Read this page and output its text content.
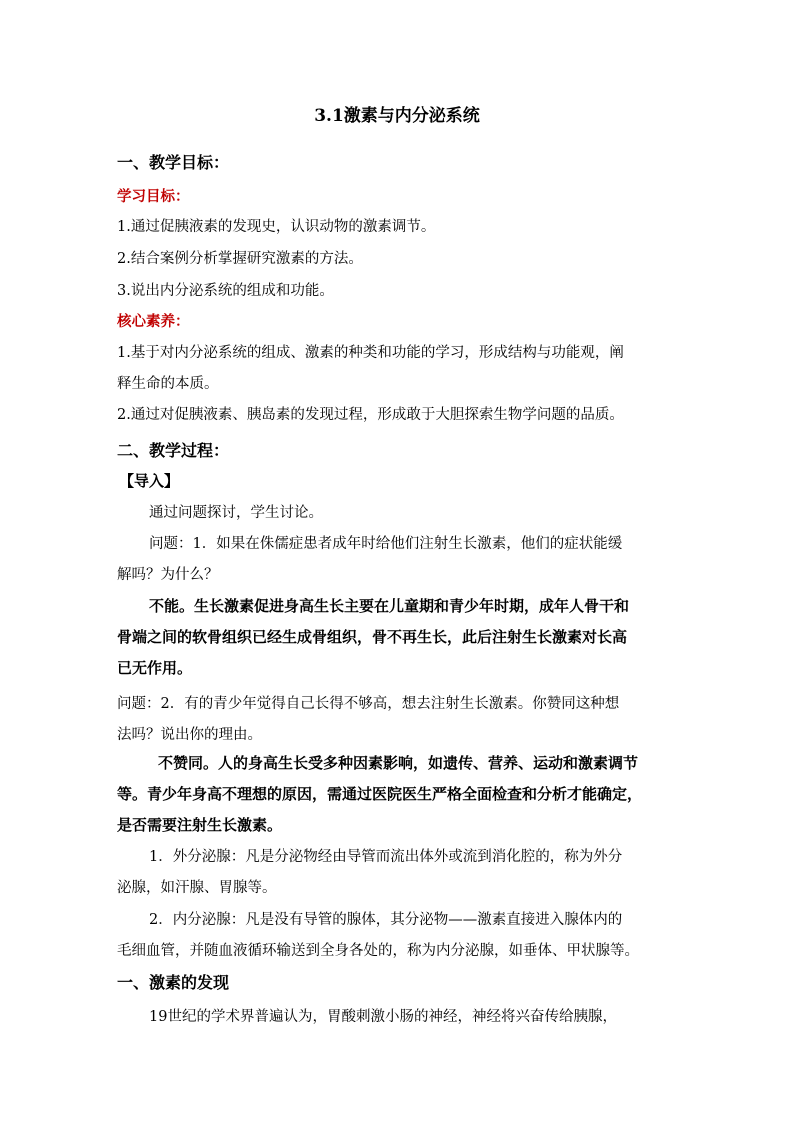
3.1激素与内分泌系统
一、教学目标：
学习目标：
1.通过促胰液素的发现史，认识动物的激素调节。
2.结合案例分析掌握研究激素的方法。
3.说出内分泌系统的组成和功能。
核心素养：
1.基于对内分泌系统的组成、激素的种类和功能的学习，形成结构与功能观，阐
释生命的本质。
2.通过对促胰液素、胰岛素的发现过程，形成敢于大胆探索生物学问题的品质。
二、教学过程：
【导入】
通过问题探讨，学生讨论。
问题：1．如果在侏儒症患者成年时给他们注射生长激素，他们的症状能缓
解吗？为什么？
不能。生长激素促进身高生长主要在儿童期和青少年时期，成年人骨干和
骨端之间的软骨组织已经生成骨组织，骨不再生长，此后注射生长激素对长高
已无作用。
问题：2．有的青少年觉得自己长得不够高，想去注射生长激素。你赞同这种想
法吗？说出你的理由。
不赞同。人的身高生长受多种因素影响，如遗传、营养、运动和激素调节
等。青少年身高不理想的原因，需通过医院医生严格全面检查和分析才能确定，
是否需要注射生长激素。
1．外分泌腺：凡是分泌物经由导管而流出体外或流到消化腔的，称为外分
泌腺，如汗腺、胃腺等。
2．内分泌腺：凡是没有导管的腺体，其分泌物——激素直接进入腺体内的
毛细血管，并随血液循环输送到全身各处的，称为内分泌腺，如垂体、甲状腺等。
一、激素的发现
19世纪的学术界普遍认为，胃酸刺激小肠的神经，神经将兴奋传给胰腺，
